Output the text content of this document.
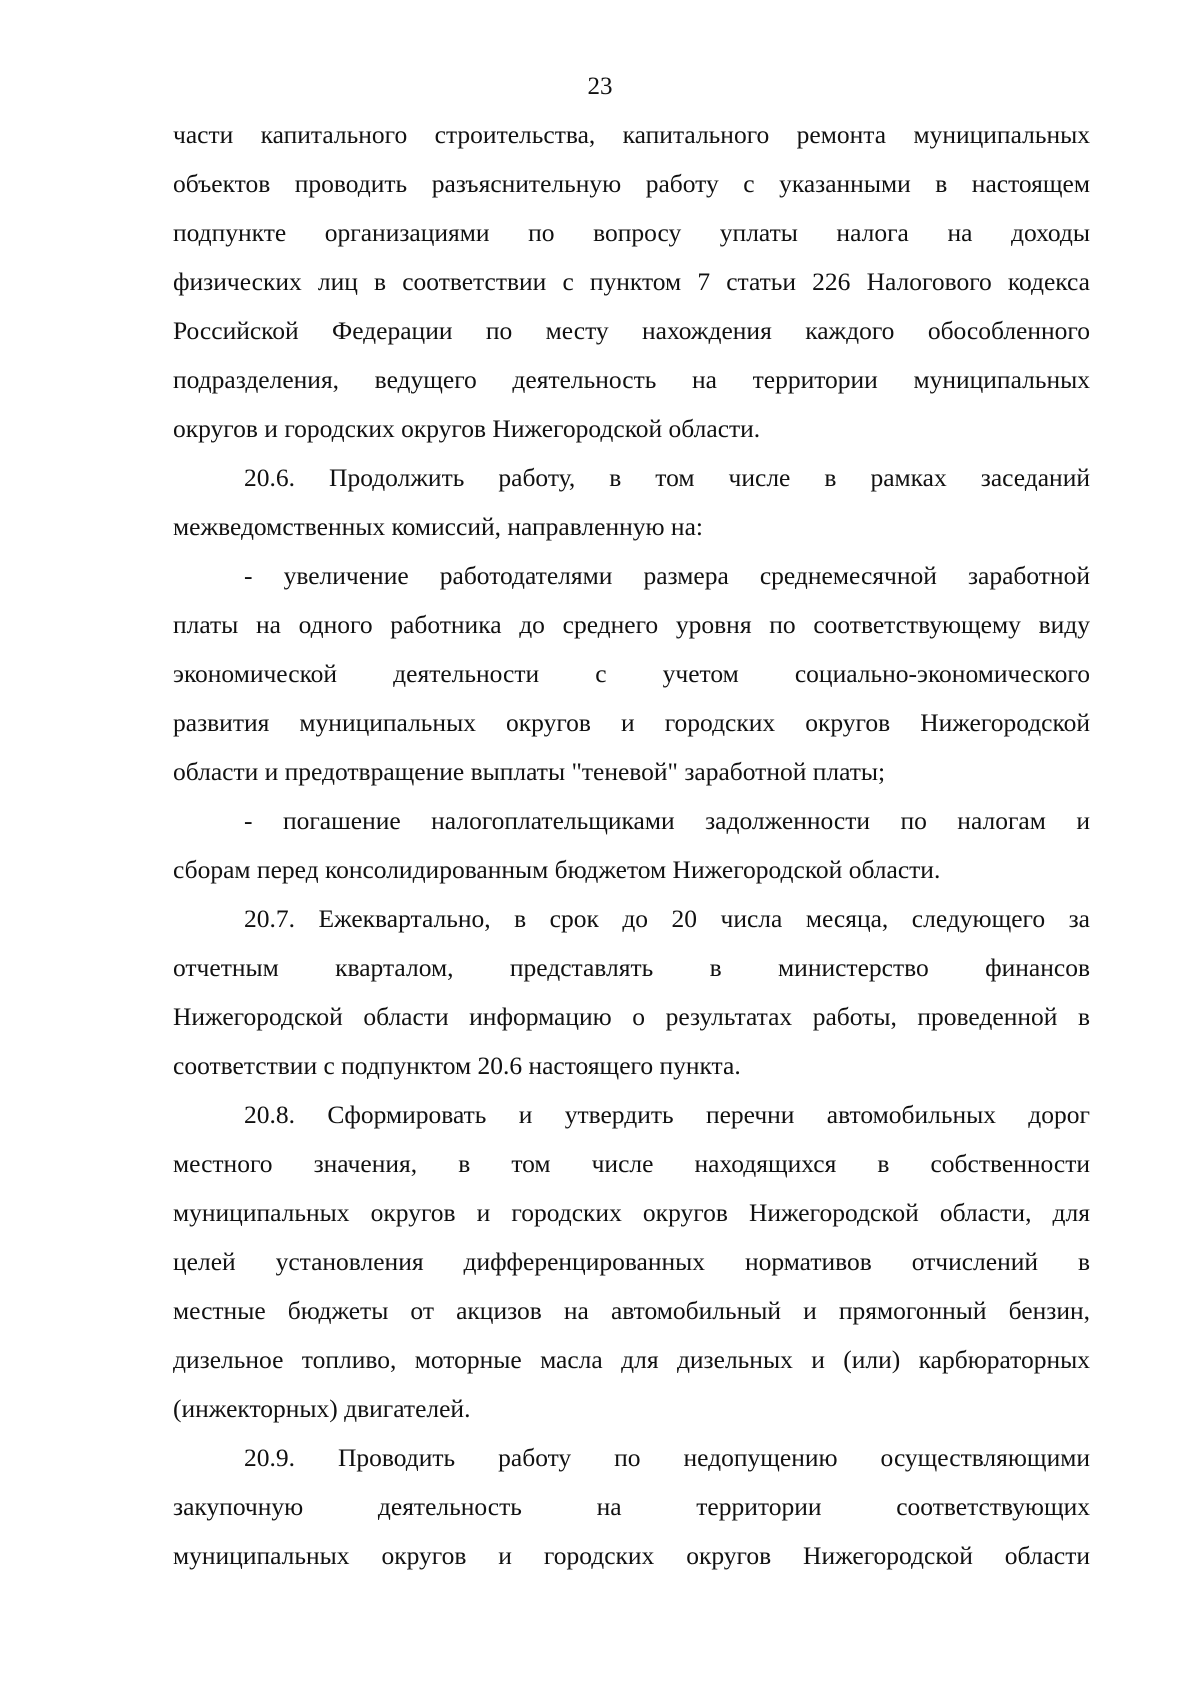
23
части капитального строительства, капитального ремонта муниципальных
объектов проводить разъяснительную работу с указанными в настоящем
подпункте организациями по вопросу уплаты налога на доходы
физических лиц в соответствии с пунктом 7 статьи 226 Налогового кодекса
Российской Федерации по месту нахождения каждого обособленного
подразделения, ведущего деятельность на территории муниципальных
округов и городских округов Нижегородской области.
20.6. Продолжить работу, в том числе в рамках заседаний
межведомственных комиссий, направленную на:
- увеличение работодателями размера среднемесячной заработной
платы на одного работника до среднего уровня по соответствующему виду
экономической деятельности с учетом социально-экономического
развития муниципальных округов и городских округов Нижегородской
области и предотвращение выплаты "теневой" заработной платы;
- погашение налогоплательщиками задолженности по налогам и
сборам перед консолидированным бюджетом Нижегородской области.
20.7. Ежеквартально, в срок до 20 числа месяца, следующего за
отчетным кварталом, представлять в министерство финансов
Нижегородской области информацию о результатах работы, проведенной в
соответствии с подпунктом 20.6 настоящего пункта.
20.8. Сформировать и утвердить перечни автомобильных дорог
местного значения, в том числе находящихся в собственности
муниципальных округов и городских округов Нижегородской области, для
целей установления дифференцированных нормативов отчислений в
местные бюджеты от акцизов на автомобильный и прямогонный бензин,
дизельное топливо, моторные масла для дизельных и (или) карбюраторных
(инжекторных) двигателей.
20.9. Проводить работу по недопущению осуществляющими
закупочную деятельность на территории соответствующих
муниципальных округов и городских округов Нижегородской области
